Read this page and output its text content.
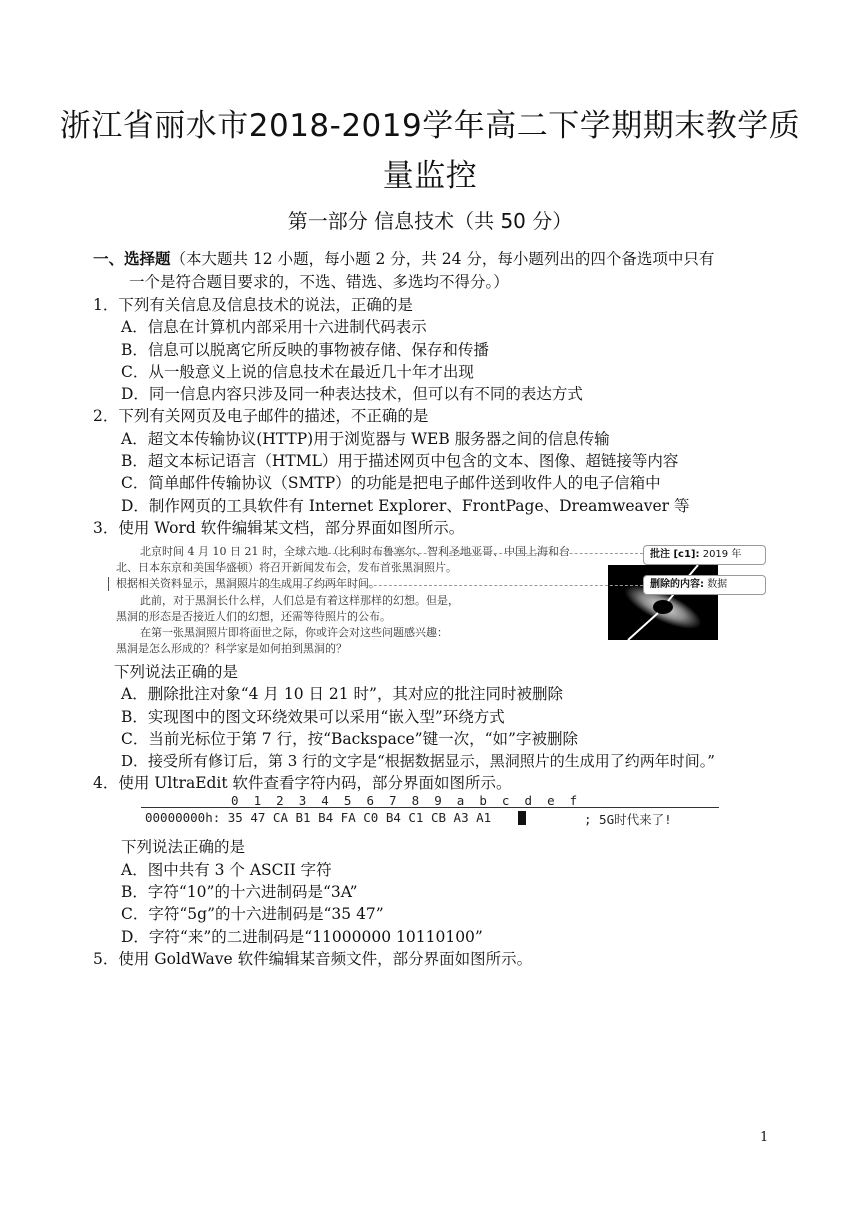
浙江省丽水市2018-2019学年高二下学期期末教学质
量监控
第一部分 信息技术（共 50 分）
一、选择题（本大题共 12 小题，每小题 2 分，共 24 分，每小题列出的四个备选项中只有
一个是符合题目要求的，不选、错选、多选均不得分。）
1．下列有关信息及信息技术的说法，正确的是
A．信息在计算机内部采用十六进制代码表示
B．信息可以脱离它所反映的事物被存储、保存和传播
C．从一般意义上说的信息技术在最近几十年才出现
D．同一信息内容只涉及同一种表达技术，但可以有不同的表达方式
2．下列有关网页及电子邮件的描述，不正确的是
A．超文本传输协议(HTTP)用于浏览器与 WEB 服务器之间的信息传输
B．超文本标记语言（HTML）用于描述网页中包含的文本、图像、超链接等内容
C．简单邮件传输协议（SMTP）的功能是把电子邮件送到收件人的电子信箱中
D．制作网页的工具软件有 Internet Explorer、FrontPage、Dreamweaver 等
3．使用 Word 软件编辑某文档，部分界面如图所示。
北京时间 4 月 10 日 21 时，全球六地（比利时布鲁塞尔、智利圣地亚哥、中国上海和台
北、日本东京和美国华盛顿）将召开新闻发布会，发布首张黑洞照片。
根据相关资料显示，黑洞照片的生成用了约两年时间。
此前，对于黑洞长什么样，人们总是有着这样那样的幻想。但是，
黑洞的形态是否接近人们的幻想，还需等待照片的公布。
在第一张黑洞照片即将面世之际，你或许会对这些问题感兴趣：
黑洞是怎么形成的？科学家是如何拍到黑洞的？
批注 [c1]: 2019 年
删除的内容: 数据
下列说法正确的是
A．删除批注对象“4 月 10 日 21 时”，其对应的批注同时被删除
B．实现图中的图文环绕效果可以采用“嵌入型”环绕方式
C．当前光标位于第 7 行，按“Backspace”键一次，“如”字被删除
D．接受所有修订后，第 3 行的文字是“根据数据显示，黑洞照片的生成用了约两年时间。”
4．使用 UltraEdit 软件查看字符内码，部分界面如图所示。
0  1  2  3  4  5  6  7  8  9  a  b  c  d  e  f
00000000h: 35 47 CA B1 B4 FA C0 B4 C1 CB A3 A1	; 5G时代来了!
下列说法正确的是
A．图中共有 3 个 ASCII 字符
B．字符“10”的十六进制码是“3A”
C．字符“5g”的十六进制码是“35 47”
D．字符“来”的二进制码是“11000000 10110100”
5．使用 GoldWave 软件编辑某音频文件，部分界面如图所示。
1
